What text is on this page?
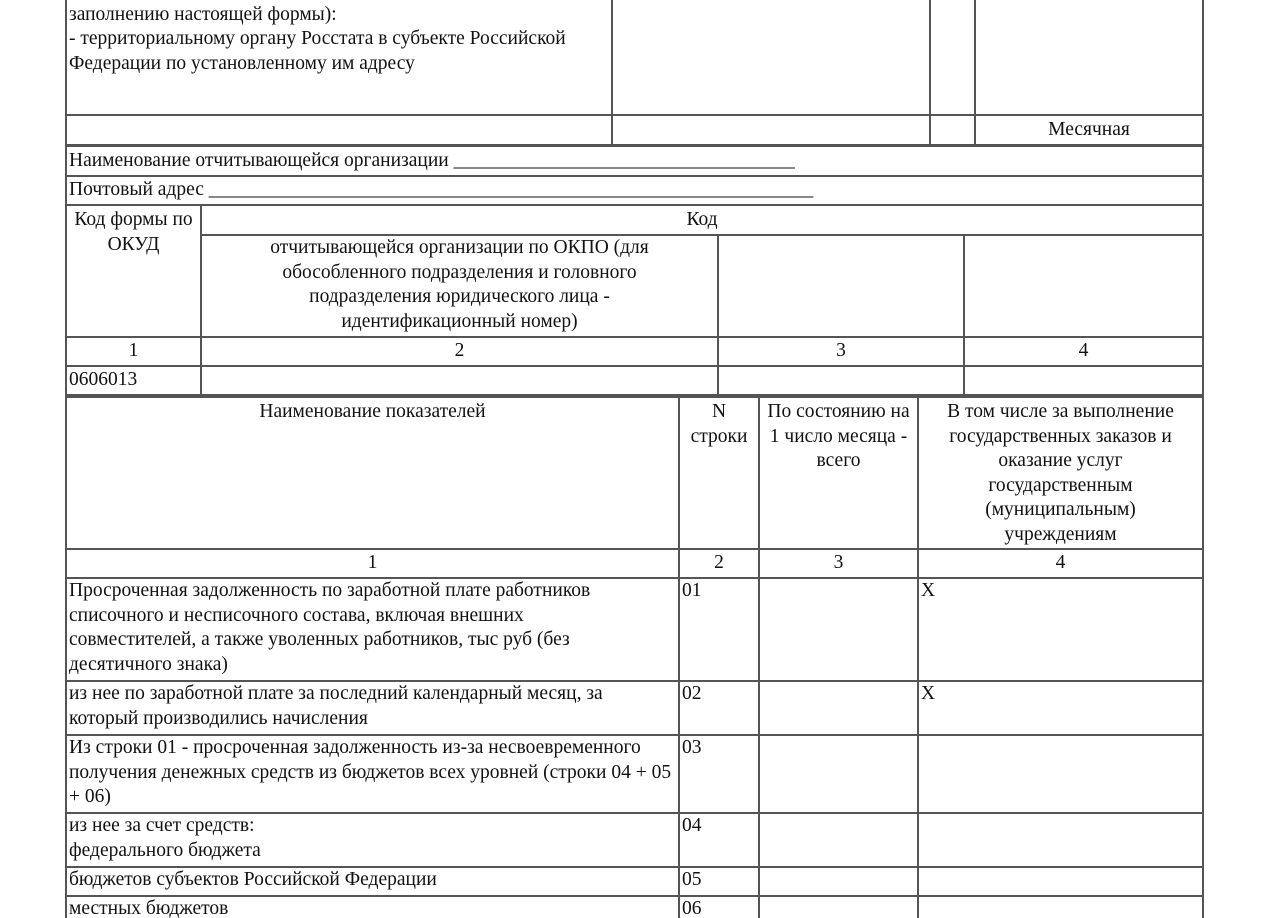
заполнению настоящей формы):
- территориальному органу Росстата в субъекте Российской
Федерации по установленному им адресу			
			Месячная
Наименование отчитывающейся организации ___________________________________
Почтовый адрес ______________________________________________________________
Код формы по ОКУД	Код		
	отчитывающейся организации по ОКПО (для обособленного подразделения и головного подразделения юридического лица - идентификационный номер)		
1	2	3	4
0606013			
Наименование показателей	N строки	По состоянию на 1 число месяца - всего	В том числе за выполнение государственных заказов и оказание услуг государственным (муниципальным) учреждениям
1	2	3	4
Просроченная задолженность по заработной плате работников списочного и несписочного состава, включая внешних совместителей, а также уволенных работников, тыс руб (без десятичного знака)	01		X
из нее по заработной плате за последний календарный месяц, за который производились начисления	02		X
Из строки 01 - просроченная задолженность из-за несвоевременного получения денежных средств из бюджетов всех уровней (строки 04 + 05 + 06)	03		
из нее за счет средств:
федерального бюджета	04		
бюджетов субъектов Российской Федерации	05		
местных бюджетов	06		
